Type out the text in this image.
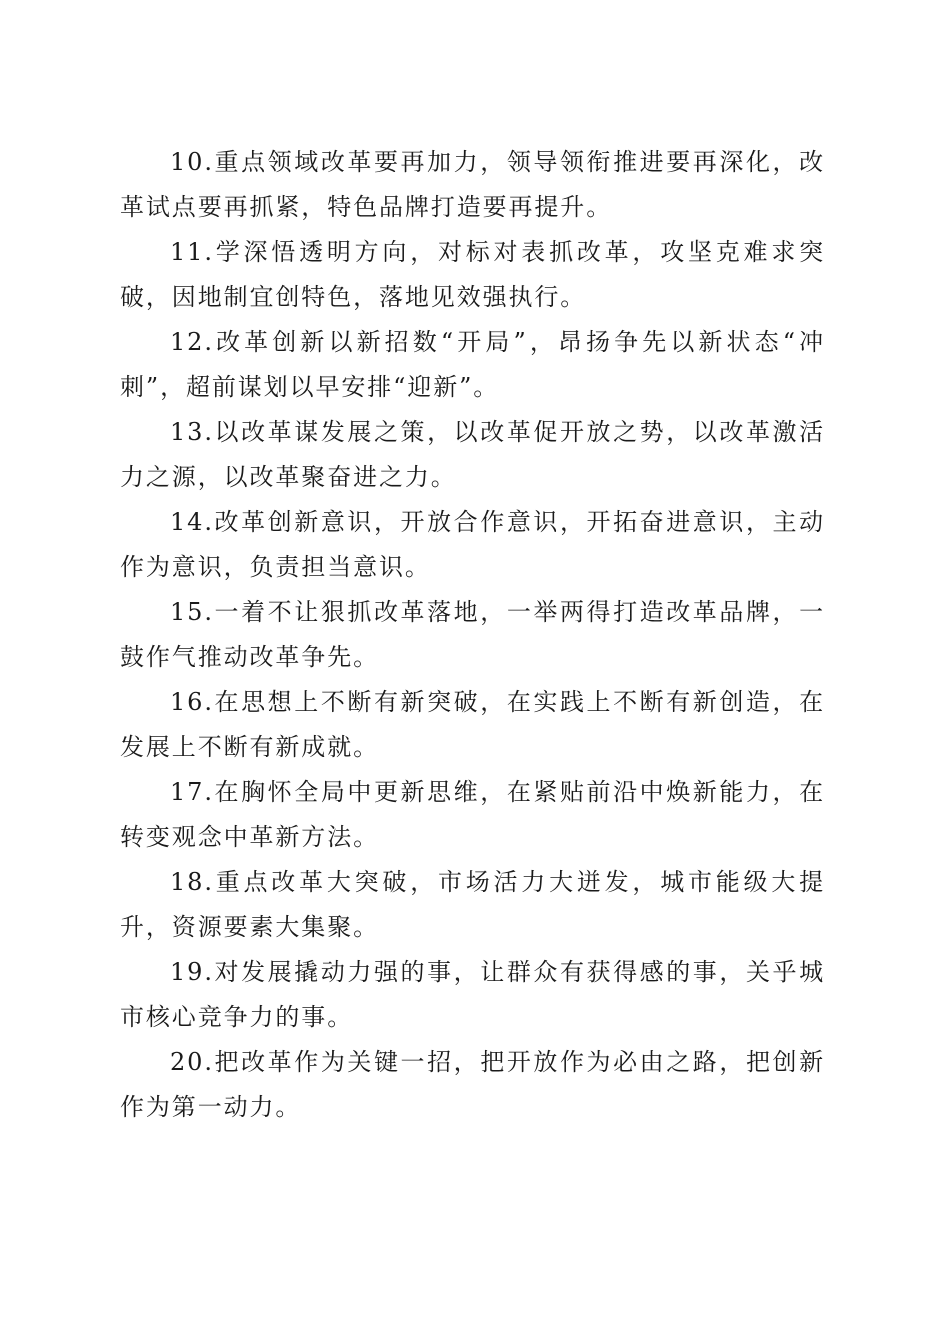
10.重点领域改革要再加力，领导领衔推进要再深化，改革试点要再抓紧，特色品牌打造要再提升。

11.学深悟透明方向，对标对表抓改革，攻坚克难求突破，因地制宜创特色，落地见效强执行。

12.改革创新以新招数“开局”，昂扬争先以新状态“冲刺”，超前谋划以早安排“迎新”。

13.以改革谋发展之策，以改革促开放之势，以改革激活力之源，以改革聚奋进之力。

14.改革创新意识，开放合作意识，开拓奋进意识，主动作为意识，负责担当意识。

15.一着不让狠抓改革落地，一举两得打造改革品牌，一鼓作气推动改革争先。

16.在思想上不断有新突破，在实践上不断有新创造，在发展上不断有新成就。

17.在胸怀全局中更新思维，在紧贴前沿中焕新能力，在转变观念中革新方法。

18.重点改革大突破，市场活力大迸发，城市能级大提升，资源要素大集聚。

19.对发展撬动力强的事，让群众有获得感的事，关乎城市核心竞争力的事。

20.把改革作为关键一招，把开放作为必由之路，把创新作为第一动力。
